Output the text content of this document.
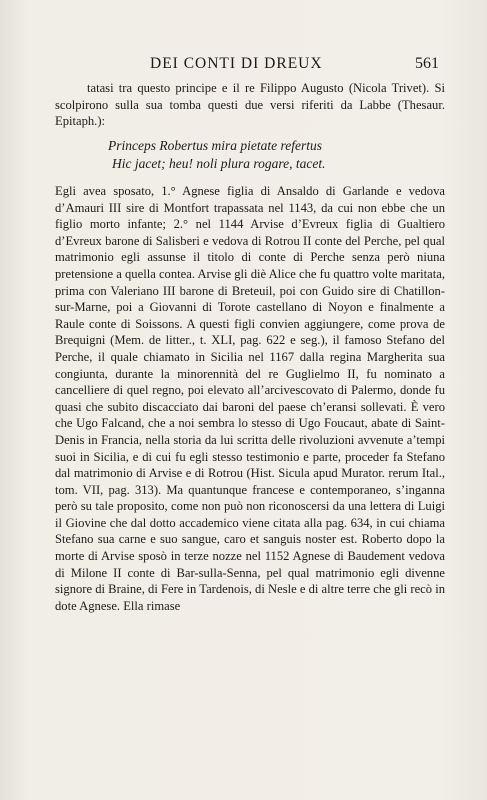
DEI CONTI DI DREUX	561

tatasi tra questo principe e il re Filippo Augusto (Nicola Trivet). Si scolpirono sulla sua tomba questi due versi riferiti da Labbe (Thesaur. Epitaph.):

Princeps Robertus mira pietate refertus
Hic jacet; heu! noli plura rogare, tacet.

Egli avea sposato, 1.° Agnese figlia di Ansaldo di Garlande e vedova d’Amauri III sire di Montfort trapassata nel 1143, da cui non ebbe che un figlio morto infante; 2.° nel 1144 Arvise d’Evreux figlia di Gualtiero d’Evreux barone di Salisberi e vedova di Rotrou II conte del Perche, pel qual matrimonio egli assunse il titolo di conte di Perche senza però niuna pretensione a quella contea. Arvise gli diè Alice che fu quattro volte maritata, prima con Valeriano III barone di Breteuil, poi con Guido sire di Chatillon-sur-Marne, poi a Giovanni di Torote castellano di Noyon e finalmente a Raule conte di Soissons. A questi figli convien aggiungere, come prova de Brequigni (Mem. de litter., t. XLI, pag. 622 e seg.), il famoso Stefano del Perche, il quale chiamato in Sicilia nel 1167 dalla regina Margherita sua congiunta, durante la minorennità del re Guglielmo II, fu nominato a cancelliere di quel regno, poi elevato all’arcivescovato di Palermo, donde fu quasi che subito discacciato dai baroni del paese ch’eransi sollevati. È vero che Ugo Falcand, che a noi sembra lo stesso di Ugo Foucaut, abate di Saint-Denis in Francia, nella storia da lui scritta delle rivoluzioni avvenute a’tempi suoi in Sicilia, e di cui fu egli stesso testimonio e parte, proceder fa Stefano dal matrimonio di Arvise e di Rotrou (Hist. Sicula apud Murator. rerum Ital., tom. VII, pag. 313). Ma quantunque francese e contemporaneo, s’inganna però su tale proposito, come non può non riconoscersi da una lettera di Luigi il Giovine che dal dotto accademico viene citata alla pag. 634, in cui chiama Stefano sua carne e suo sangue, caro et sanguis noster est. Roberto dopo la morte di Arvise sposò in terze nozze nel 1152 Agnese di Baudement vedova di Milone II conte di Bar-sulla-Senna, pel qual matrimonio egli divenne signore di Braine, di Fere in Tardenois, di Nesle e di altre terre che gli recò in dote Agnese. Ella rimase
